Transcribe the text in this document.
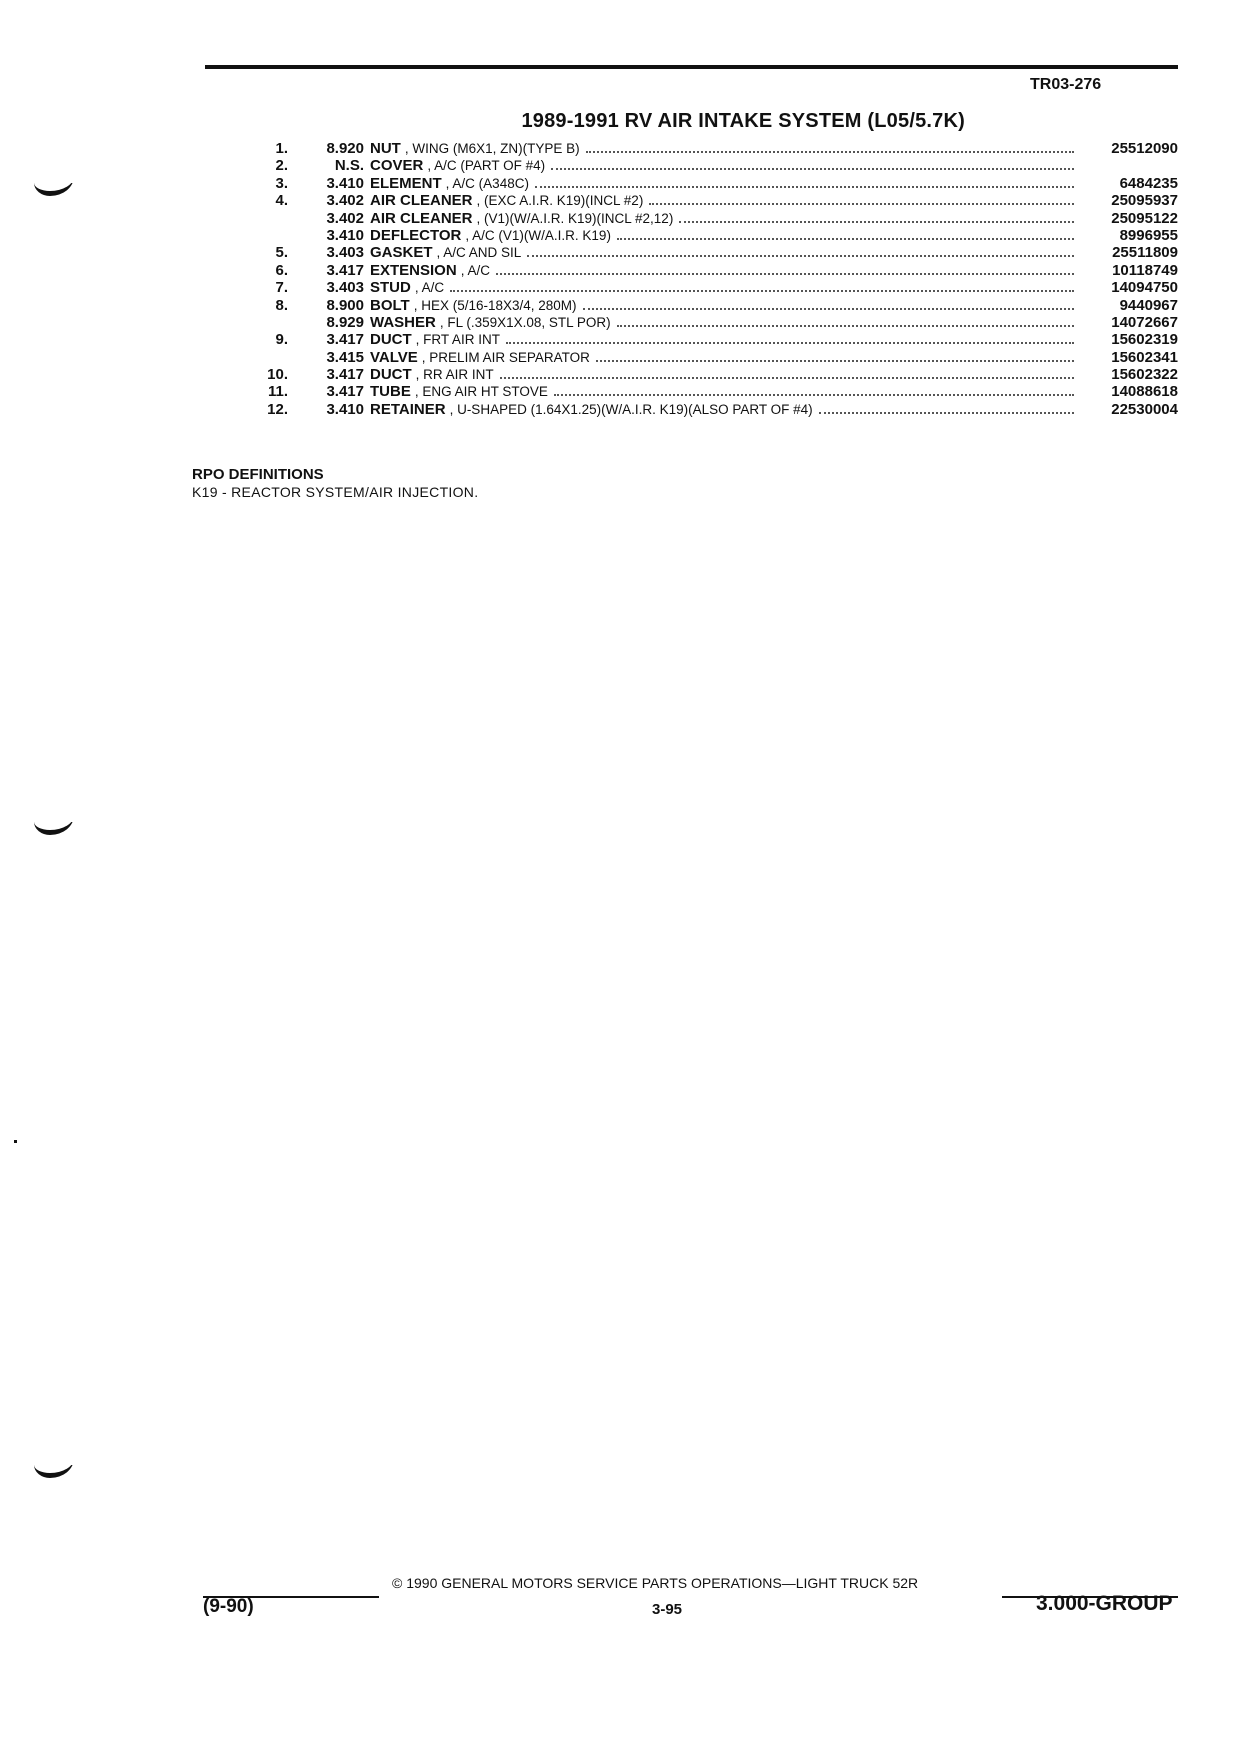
TR03-276
1989-1991 RV AIR INTAKE SYSTEM (L05/5.7K)
1.	8.920 NUT , WING (M6X1, ZN)(TYPE B)	25512090
2.	N.S. COVER , A/C (PART OF #4)
3.	3.410 ELEMENT , A/C (A348C)	6484235
4.	3.402 AIR CLEANER , (EXC A.I.R. K19)(INCL #2)	25095937
3.402 AIR CLEANER , (V1)(W/A.I.R. K19)(INCL #2,12)	25095122
3.410 DEFLECTOR , A/C (V1)(W/A.I.R. K19)	8996955
5.	3.403 GASKET , A/C AND SIL	25511809
6.	3.417 EXTENSION , A/C	10118749
7.	3.403 STUD , A/C	14094750
8.	8.900 BOLT , HEX (5/16-18X3/4, 280M)	9440967
8.929 WASHER , FL (.359X1X.08, STL POR)	14072667
9.	3.417 DUCT , FRT AIR INT	15602319
3.415 VALVE , PRELIM AIR SEPARATOR	15602341
10.	3.417 DUCT , RR AIR INT	15602322
11.	3.417 TUBE , ENG AIR HT STOVE	14088618
12.	3.410 RETAINER , U-SHAPED (1.64X1.25)(W/A.I.R. K19)(ALSO PART OF #4)	22530004
RPO DEFINITIONS
K19 - REACTOR SYSTEM/AIR INJECTION.
© 1990 GENERAL MOTORS SERVICE PARTS OPERATIONS—LIGHT TRUCK 52R
(9-90)	3-95	3.000-GROUP
